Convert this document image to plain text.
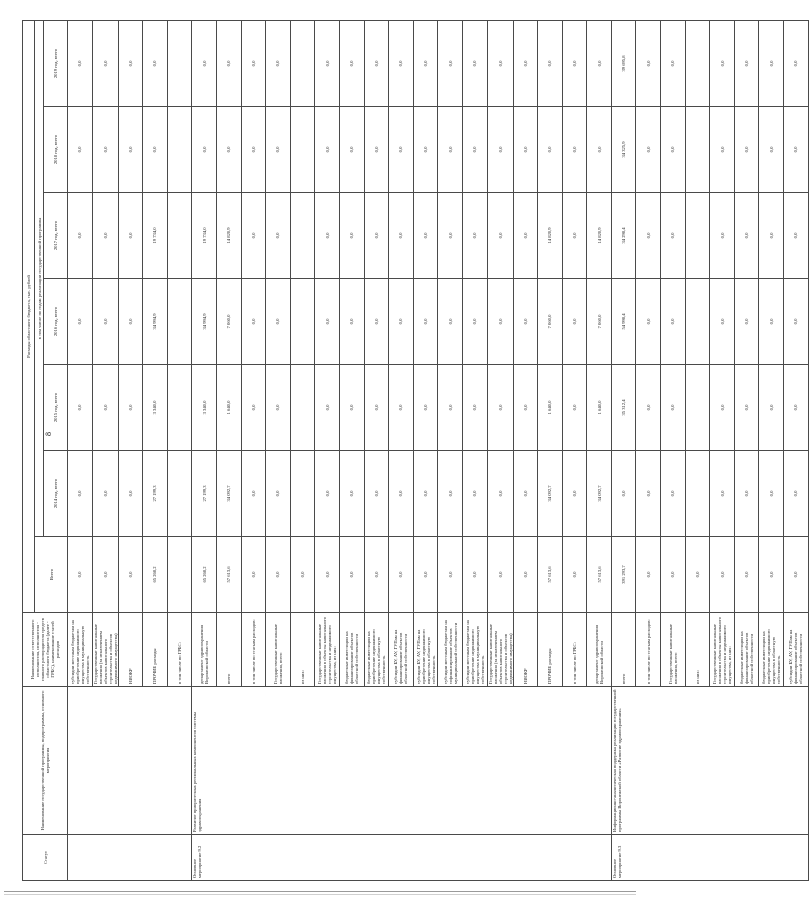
8
Статус	Наименование государственной программы, подпрограммы, основного мероприятия	Наименование ответственного исполнителя, исполнителя - главного распорядителя средств областного бюджета (далее - ГРБС), наименование статей расходов	Расходы областного бюджета, тыс. рублей						
			Всего	в том числе по годам реализации государственной программы					
				2014 год, всего	2015 год, всего	2016 год, всего	2017 год, всего	2018 год, всего	2019 год, всего
		субсидии местным бюджетам на приобретение недвижимого имущества в муниципальную собственность	0,0	0,0	0,0	0,0	0,0	0,0	0,0
		Государственные капитальные вложения (за исключением объектов капитального строительства и объектов недвижимого имущества)	0,0	0,0	0,0	0,0	0,0	0,0	0,0
		НИОКР	0,0	0,0	0,0	0,0	0,0	0,0	0,0
		ПРОЧИЕ расходы	65 268,2	27 199,3	3 340,0	34 994,9	19 734,0	0,0	0,0
		в том числе по ГРБС:							
Основное мероприятие 9.2	Развитие приоритетных региональных компонентов системы здравоохранения	департамент здравоохранения Воронежской области	65 268,2	27 199,3	3 340,0	34 994,9	19 734,0	0,0	0,0
		всего	57 613,6	34 092,7	1 640,0	7 060,0	14 820,9	0,0	0,0
		в том числе по статьям расходов:	0,0	0,0	0,0	0,0	0,0	0,0	0,0
		Государственные капитальные вложения, всего	0,0	0,0	0,0	0,0	0,0	0,0	0,0
		из них:	0,0						
		Государственные капитальные вложения в объекты капитального строительства и недвижимого имущества, из них:	0,0	0,0	0,0	0,0	0,0	0,0	0,0
		бюджетные инвестиции на финансирование объектов областной собственности	0,0	0,0	0,0	0,0	0,0	0,0	0,0
		бюджетные инвестиции на приобретение недвижимого имущества в областную собственность	0,0	0,0	0,0	0,0	0,0	0,0	0,0
		субсидии БУ, АУ, ГУПам на финансирование объектов областной собственности	0,0	0,0	0,0	0,0	0,0	0,0	0,0
		субсидии БУ, АУ, ГУПам на приобретение недвижимого имущества в областную собственность	0,0	0,0	0,0	0,0	0,0	0,0	0,0
		субсидии местным бюджетам на софинансирование объектов муниципальной собственности	0,0	0,0	0,0	0,0	0,0	0,0	0,0
		субсидии местным бюджетам на приобретение недвижимого имущества в муниципальную собственность	0,0	0,0	0,0	0,0	0,0	0,0	0,0
		Государственные капитальные вложения (за исключением объектов капитального строительства и объектов недвижимого имущества)	0,0	0,0	0,0	0,0	0,0	0,0	0,0
		НИОКР	0,0	0,0	0,0	0,0	0,0	0,0	0,0
		ПРОЧИЕ расходы	57 613,6	34 092,7	1 640,0	7 060,0	14 820,9	0,0	0,0
		в том числе по ГРБС:	0,0	0,0	0,0	0,0	0,0	0,0	0,0
		департамент здравоохранения Воронежской области	57 613,6	34 092,7	1 640,0	7 060,0	14 820,9	0,0	0,0
Основное мероприятие 9.3	Информационно-аналитическая поддержка реализации государственной программы Воронежской области «Развитие здравоохранения»	всего	391 293,7	0,0	35 312,4	54 998,4	34 298,4	34 325,9	39 695,8
		в том числе по статьям расходов:	0,0	0,0	0,0	0,0	0,0	0,0	0,0
		Государственные капитальные вложения, всего	0,0	0,0	0,0	0,0	0,0	0,0	0,0
		из них:	0,0						
		Государственные капитальные вложения в объекты капитального строительства и недвижимого имущества, из них:	0,0	0,0	0,0	0,0	0,0	0,0	0,0
		бюджетные инвестиции на финансирование объектов областной собственности	0,0	0,0	0,0	0,0	0,0	0,0	0,0
		бюджетные инвестиции на приобретение недвижимого имущества в областную собственность	0,0	0,0	0,0	0,0	0,0	0,0	0,0
		субсидии БУ, АУ, ГУПам на финансирование объектов областной собственности	0,0	0,0	0,0	0,0	0,0	0,0	0,0
